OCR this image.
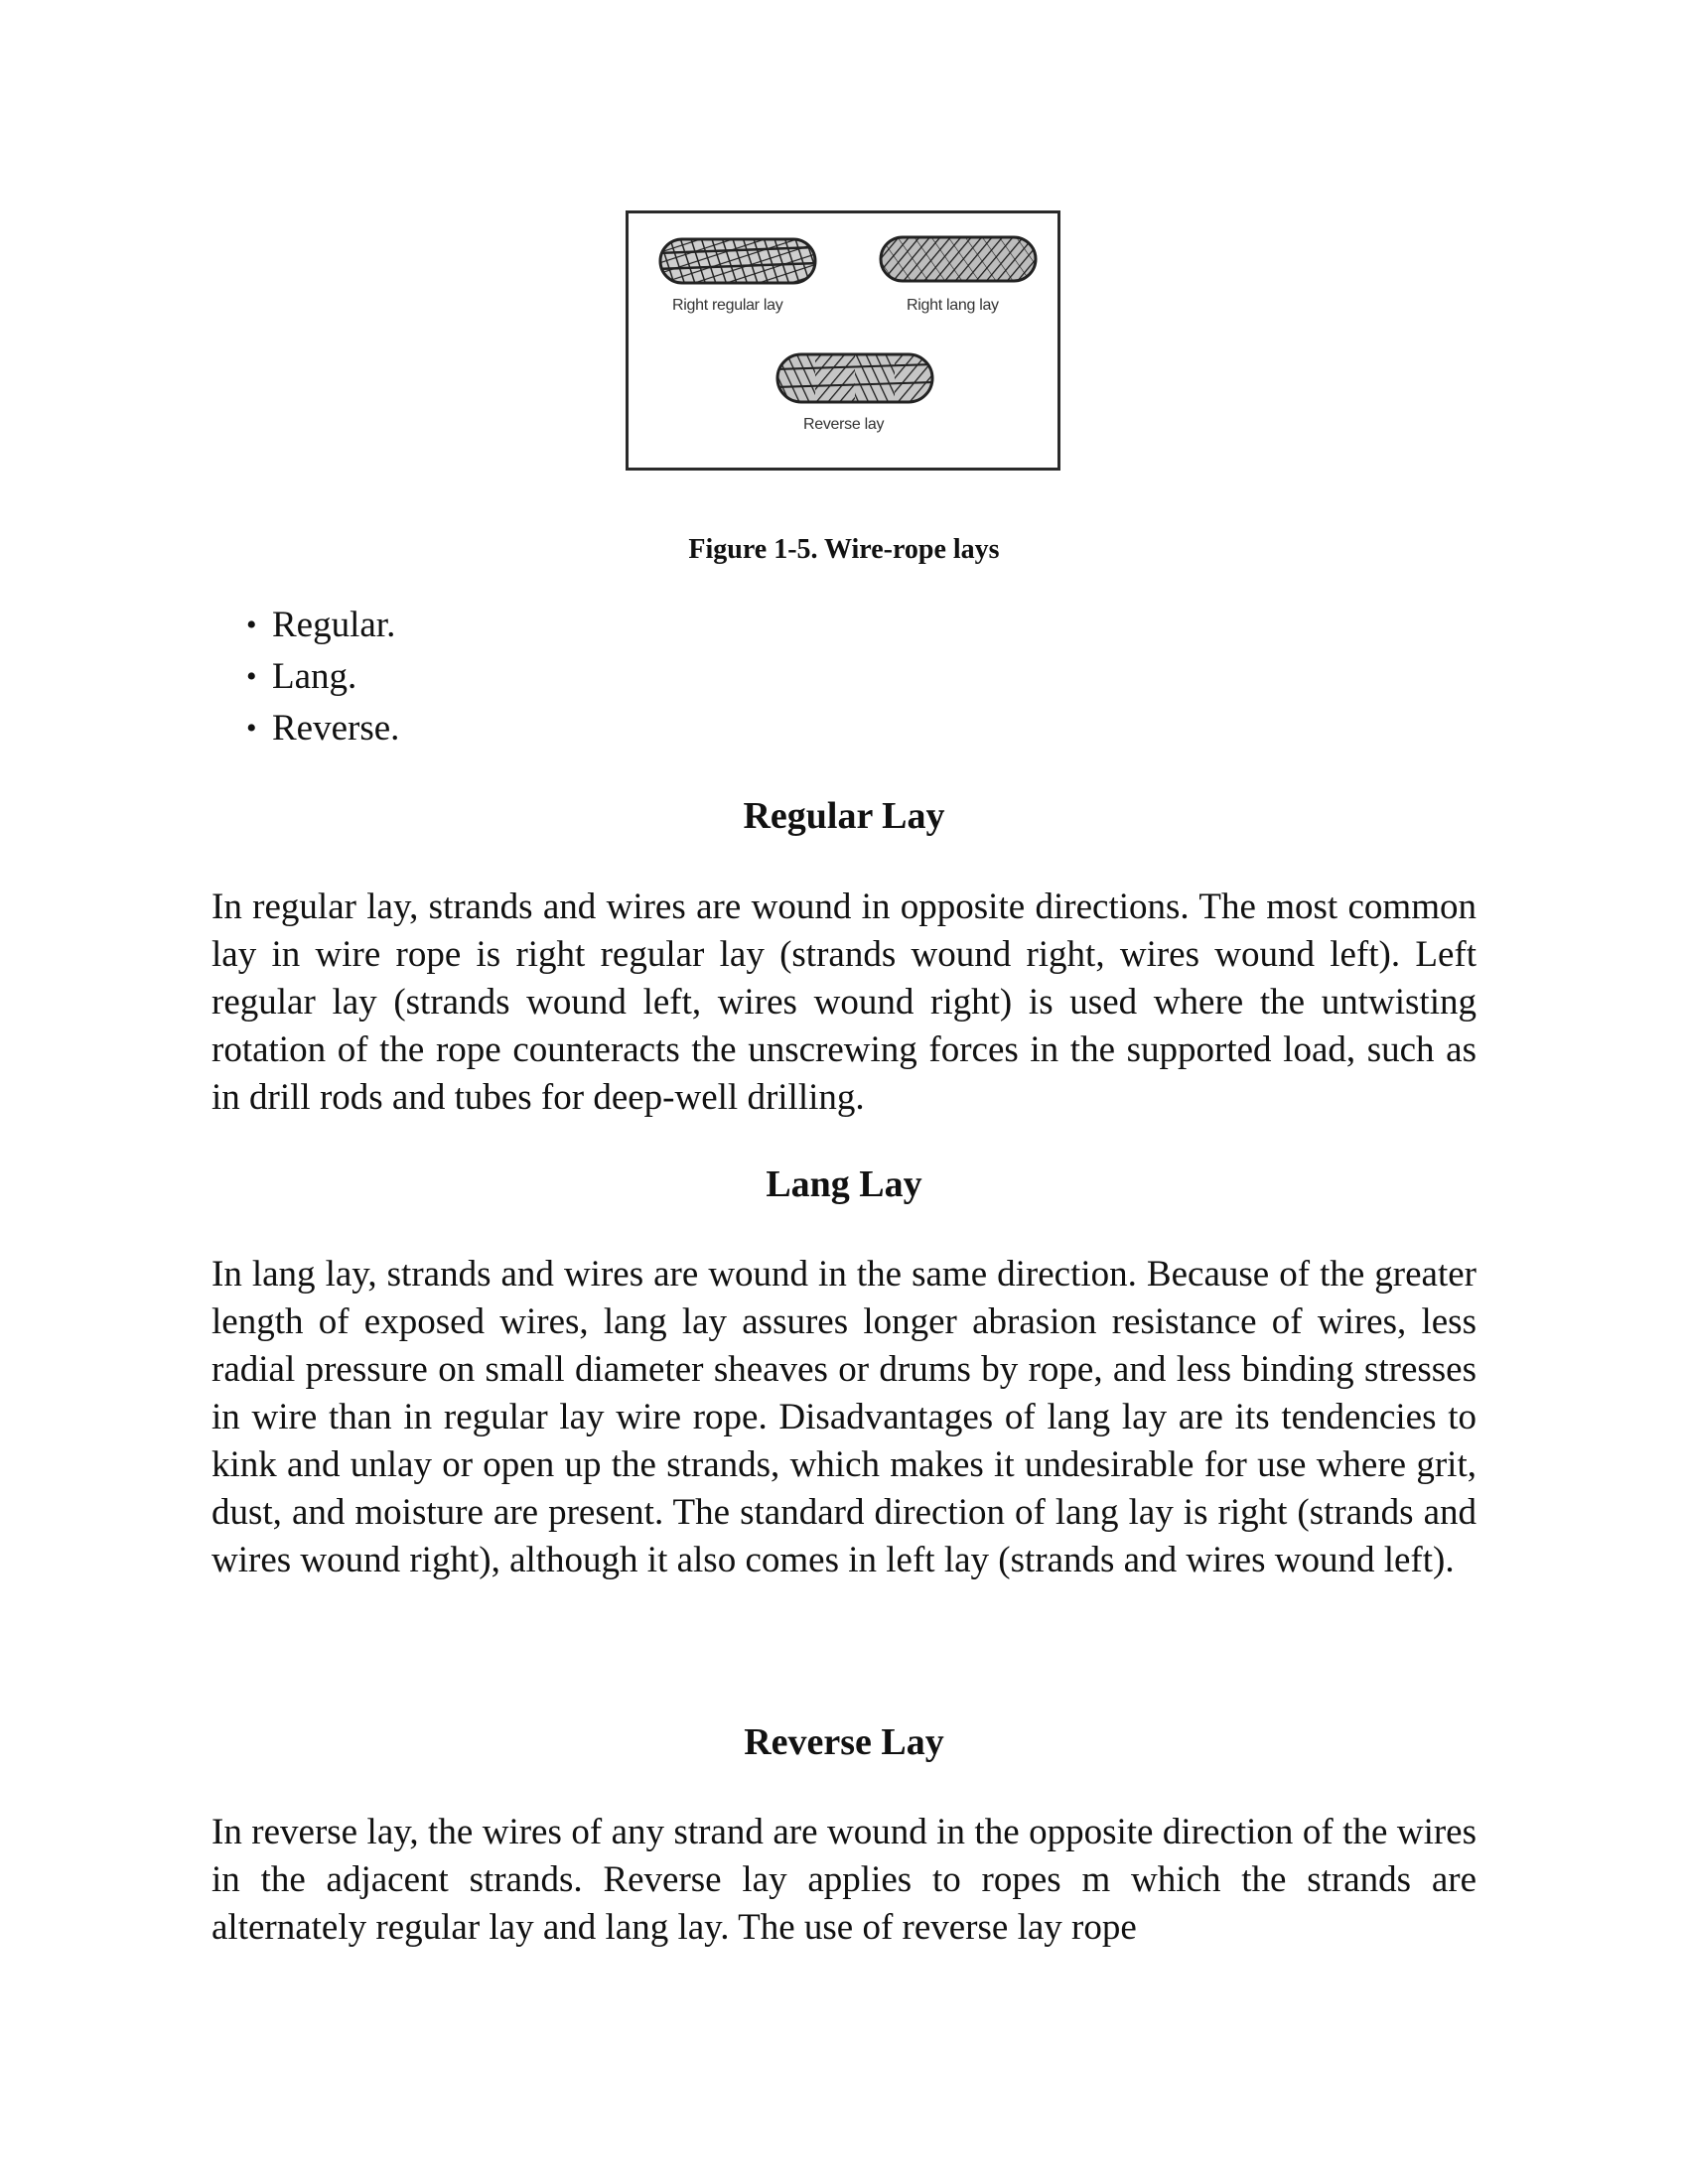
Right regular lay	Right lang lay
Reverse lay
Figure 1-5. Wire-rope lays
• Regular.
• Lang.
• Reverse.
Regular Lay

In regular lay, strands and wires are wound in opposite directions. The most common lay in wire rope is right regular lay (strands wound right, wires wound left). Left regular lay (strands wound left, wires wound right) is used where the untwisting rotation of the rope counteracts the unscrewing forces in the supported load, such as in drill rods and tubes for deep-well drilling.

Lang Lay

In lang lay, strands and wires are wound in the same direction. Because of the greater length of exposed wires, lang lay assures longer abrasion resistance of wires, less radial pressure on small diameter sheaves or drums by rope, and less binding stresses in wire than in regular lay wire rope. Disadvantages of lang lay are its tendencies to kink and unlay or open up the strands, which makes it undesirable for use where grit, dust, and moisture are present. The standard direction of lang lay is right (strands and wires wound right), although it also comes in left lay (strands and wires wound left).

Reverse Lay

In reverse lay, the wires of any strand are wound in the opposite direction of the wires in the adjacent strands. Reverse lay applies to ropes m which the strands are alternately regular lay and lang lay. The use of reverse lay rope
